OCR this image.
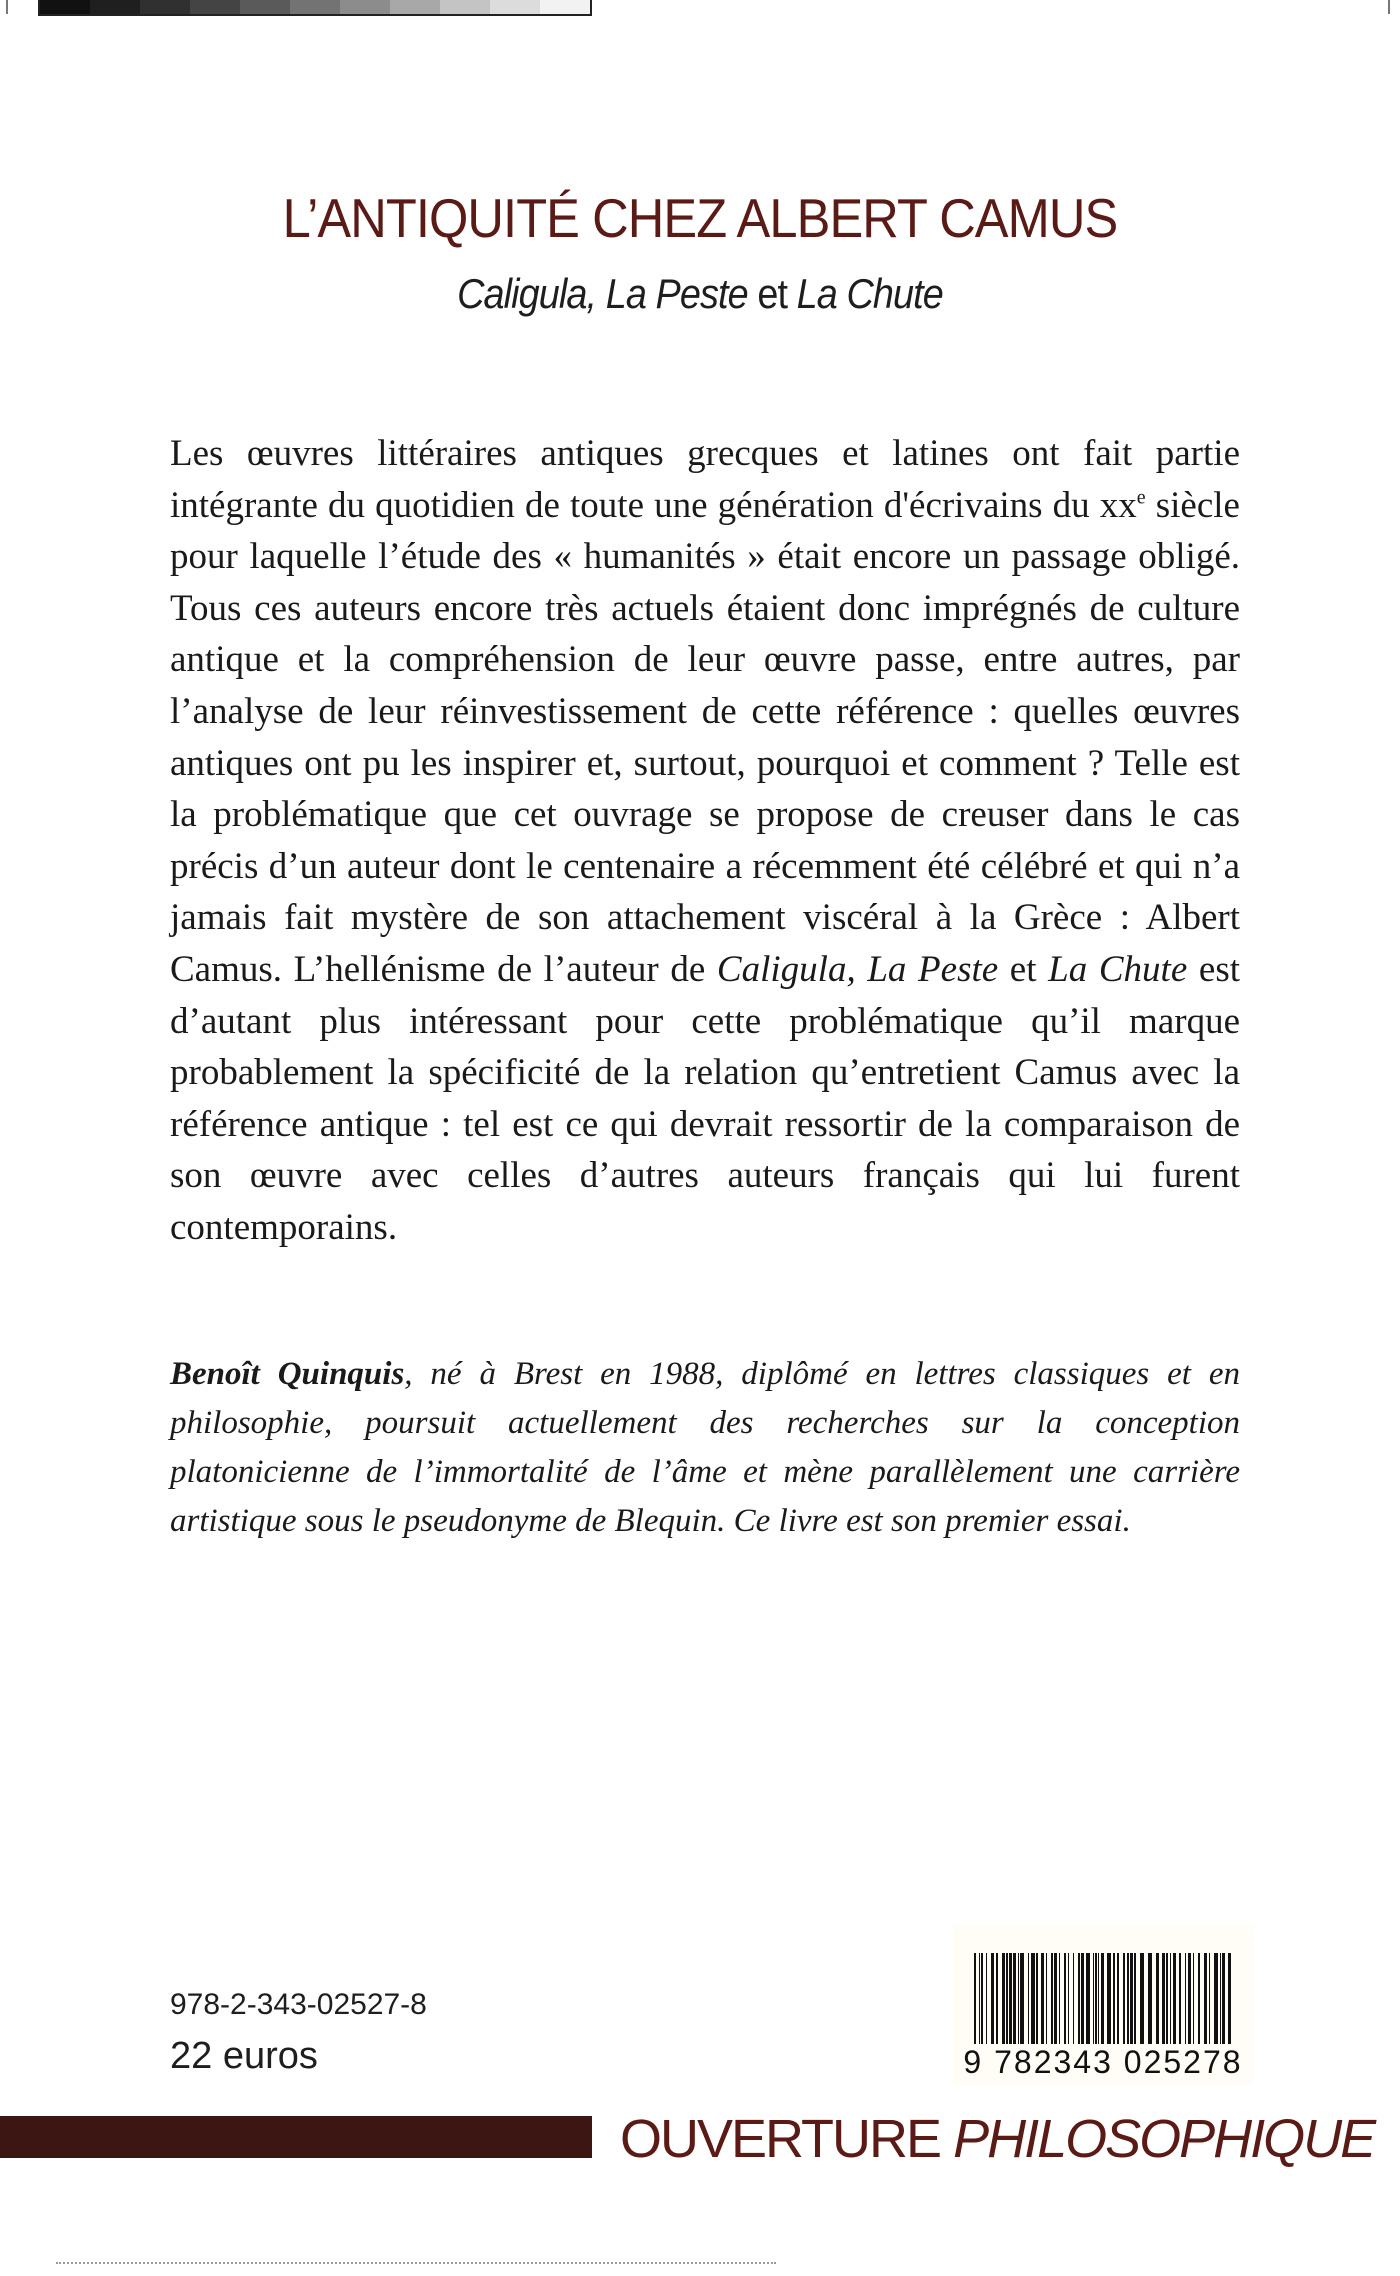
L’ANTIQUITÉ CHEZ ALBERT CAMUS
Caligula, La Peste et La Chute
Les œuvres littéraires antiques grecques et latines ont fait partie intégrante du quotidien de toute une génération d'écrivains du $xx^e$ siècle pour laquelle l’étude des « humanités » était encore un passage obligé. Tous ces auteurs encore très actuels étaient donc imprégnés de culture antique et la compréhension de leur œuvre passe, entre autres, par l’analyse de leur réinvestissement de cette référence : quelles œuvres antiques ont pu les inspirer et, surtout, pourquoi et comment ? Telle est la problématique que cet ouvrage se propose de creuser dans le cas précis d’un auteur dont le centenaire a récemment été célébré et qui n’a jamais fait mystère de son attachement viscéral à la Grèce : Albert Camus. L’hellénisme de l’auteur de Caligula, La Peste et La Chute est d’autant plus intéressant pour cette problématique qu’il marque probablement la spécificité de la relation qu’entretient Camus avec la référence antique : tel est ce qui devrait ressortir de la comparaison de son œuvre avec celles d’autres auteurs français qui lui furent contemporains.
Benoît Quinquis, né à Brest en 1988, diplômé en lettres classiques et en philosophie, poursuit actuellement des recherches sur la conception platonicienne de l’immortalité de l’âme et mène parallèlement une carrière artistique sous le pseudonyme de Blequin. Ce livre est son premier essai.
978-2-343-02527-8
22 euros	9 782343 025278
OUVERTURE PHILOSOPHIQUE
